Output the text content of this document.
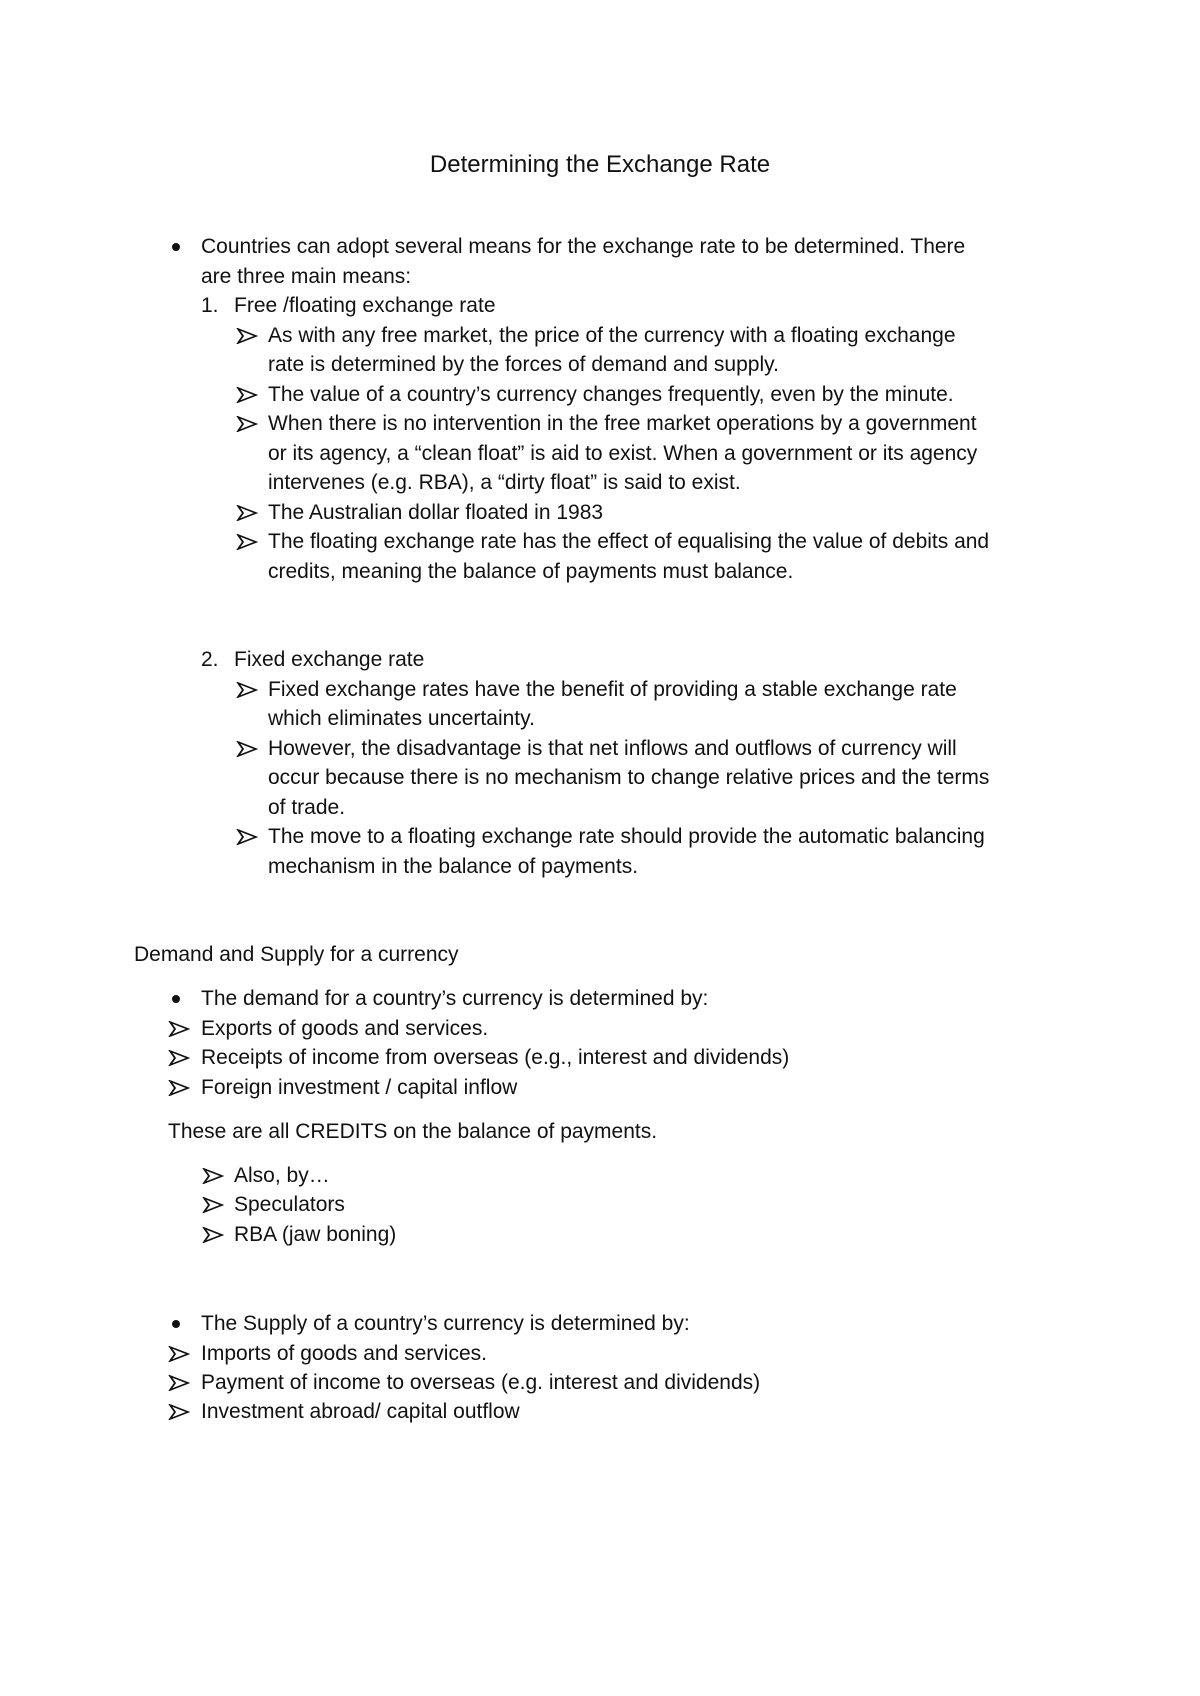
Determining the Exchange Rate
Countries can adopt several means for the exchange rate to be determined. There
are three main means:
1. Free /floating exchange rate
As with any free market, the price of the currency with a floating exchange
rate is determined by the forces of demand and supply.
The value of a country’s currency changes frequently, even by the minute.
When there is no intervention in the free market operations by a government
or its agency, a “clean float” is aid to exist. When a government or its agency
intervenes (e.g. RBA), a “dirty float” is said to exist.
The Australian dollar floated in 1983
The floating exchange rate has the effect of equalising the value of debits and
credits, meaning the balance of payments must balance.
2. Fixed exchange rate
Fixed exchange rates have the benefit of providing a stable exchange rate
which eliminates uncertainty.
However, the disadvantage is that net inflows and outflows of currency will
occur because there is no mechanism to change relative prices and the terms
of trade.
The move to a floating exchange rate should provide the automatic balancing
mechanism in the balance of payments.
Demand and Supply for a currency
The demand for a country’s currency is determined by:
Exports of goods and services.
Receipts of income from overseas (e.g., interest and dividends)
Foreign investment / capital inflow
These are all CREDITS on the balance of payments.
Also, by…
Speculators
RBA (jaw boning)
The Supply of a country’s currency is determined by:
Imports of goods and services.
Payment of income to overseas (e.g. interest and dividends)
Investment abroad/ capital outflow
